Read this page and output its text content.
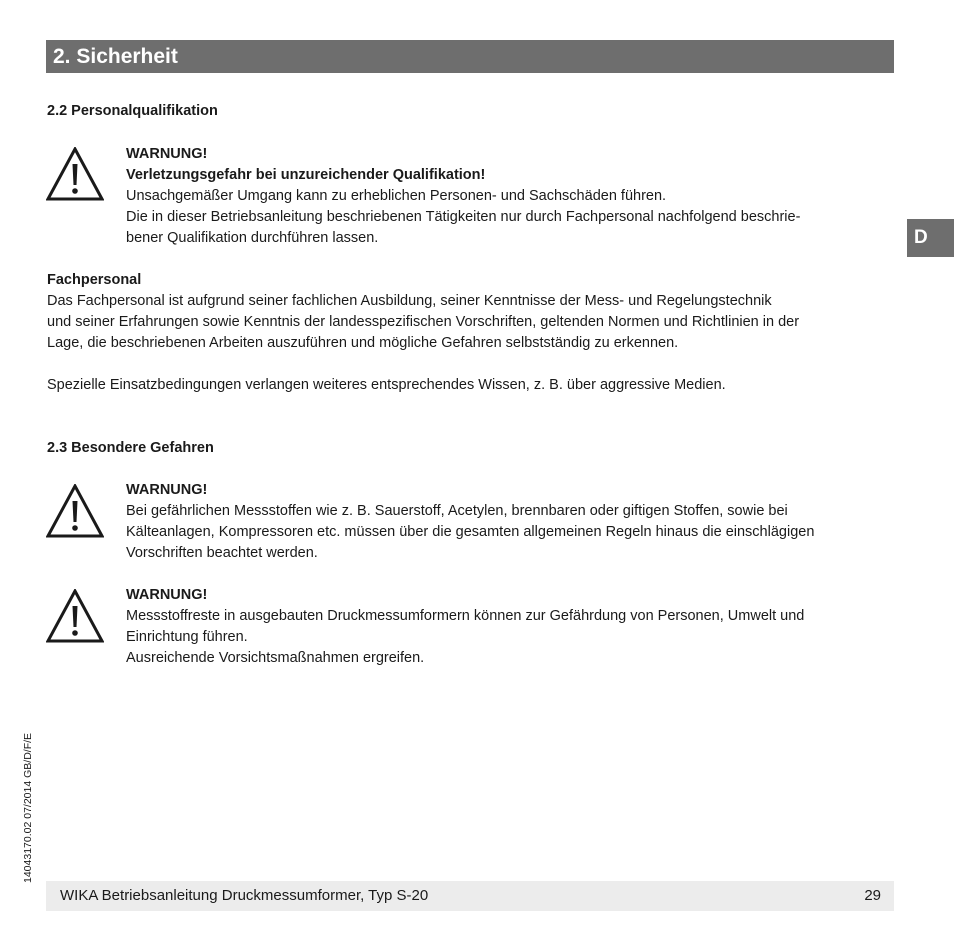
2. Sicherheit
D
2.2 Personalqualifikation

WARNUNG!

Verletzungsgefahr bei unzureichender Qualifikation!

Unsachgemäßer Umgang kann zu erheblichen Personen- und Sachschäden führen.

Die in dieser Betriebsanleitung beschriebenen Tätigkeiten nur durch Fachpersonal nachfolgend beschrie-

bener Qualifikation durchführen lassen.

Fachpersonal

Das Fachpersonal ist aufgrund seiner fachlichen Ausbildung, seiner Kenntnisse der Mess- und Regelungstechnik

und seiner Erfahrungen sowie Kenntnis der landesspezifischen Vorschriften, geltenden Normen und Richtlinien in der

Lage, die beschriebenen Arbeiten auszuführen und mögliche Gefahren selbstständig zu erkennen.

Spezielle Einsatzbedingungen verlangen weiteres entsprechendes Wissen, z. B. über aggressive Medien.

2.3 Besondere Gefahren

WARNUNG!

Bei gefährlichen Messstoffen wie z. B. Sauerstoff, Acetylen, brennbaren oder giftigen Stoffen, sowie bei

Kälteanlagen, Kompressoren etc. müssen über die gesamten allgemeinen Regeln hinaus die einschlägigen

Vorschriften beachtet werden.

WARNUNG!

Messstoffreste in ausgebauten Druckmessumformern können zur Gefährdung von Personen, Umwelt und

Einrichtung führen.

Ausreichende Vorsichtsmaßnahmen ergreifen.

14043170.02 07/2014 GB/D/F/E
WIKA Betriebsanleitung Druckmessumformer, Typ S-20	29
